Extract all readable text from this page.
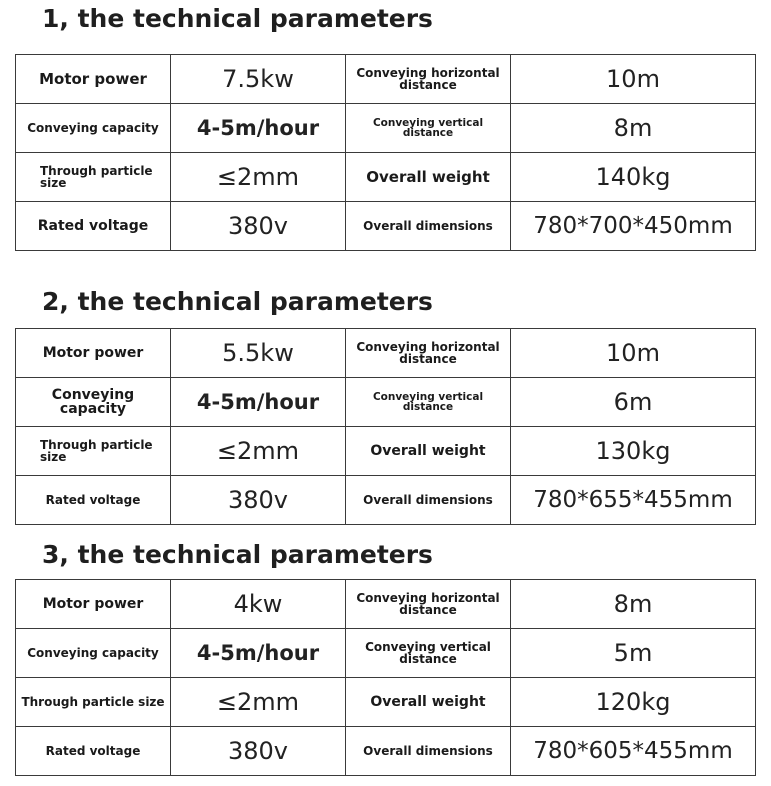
1, the technical parameters
Motor power	7.5kw	Conveying horizontal distance	10m
Conveying capacity	4-5m/hour	Conveying vertical distance	8m
Through particle size	≤2mm	Overall weight	140kg
Rated voltage	380v	Overall dimensions	780*700*450mm
2, the technical parameters
Motor power	5.5kw	Conveying horizontal distance	10m
Conveying capacity	4-5m/hour	Conveying vertical distance	6m
Through particle size	≤2mm	Overall weight	130kg
Rated voltage	380v	Overall dimensions	780*655*455mm
3, the technical parameters
Motor power	4kw	Conveying horizontal distance	8m
Conveying capacity	4-5m/hour	Conveying vertical distance	5m
Through particle size	≤2mm	Overall weight	120kg
Rated voltage	380v	Overall dimensions	780*605*455mm
